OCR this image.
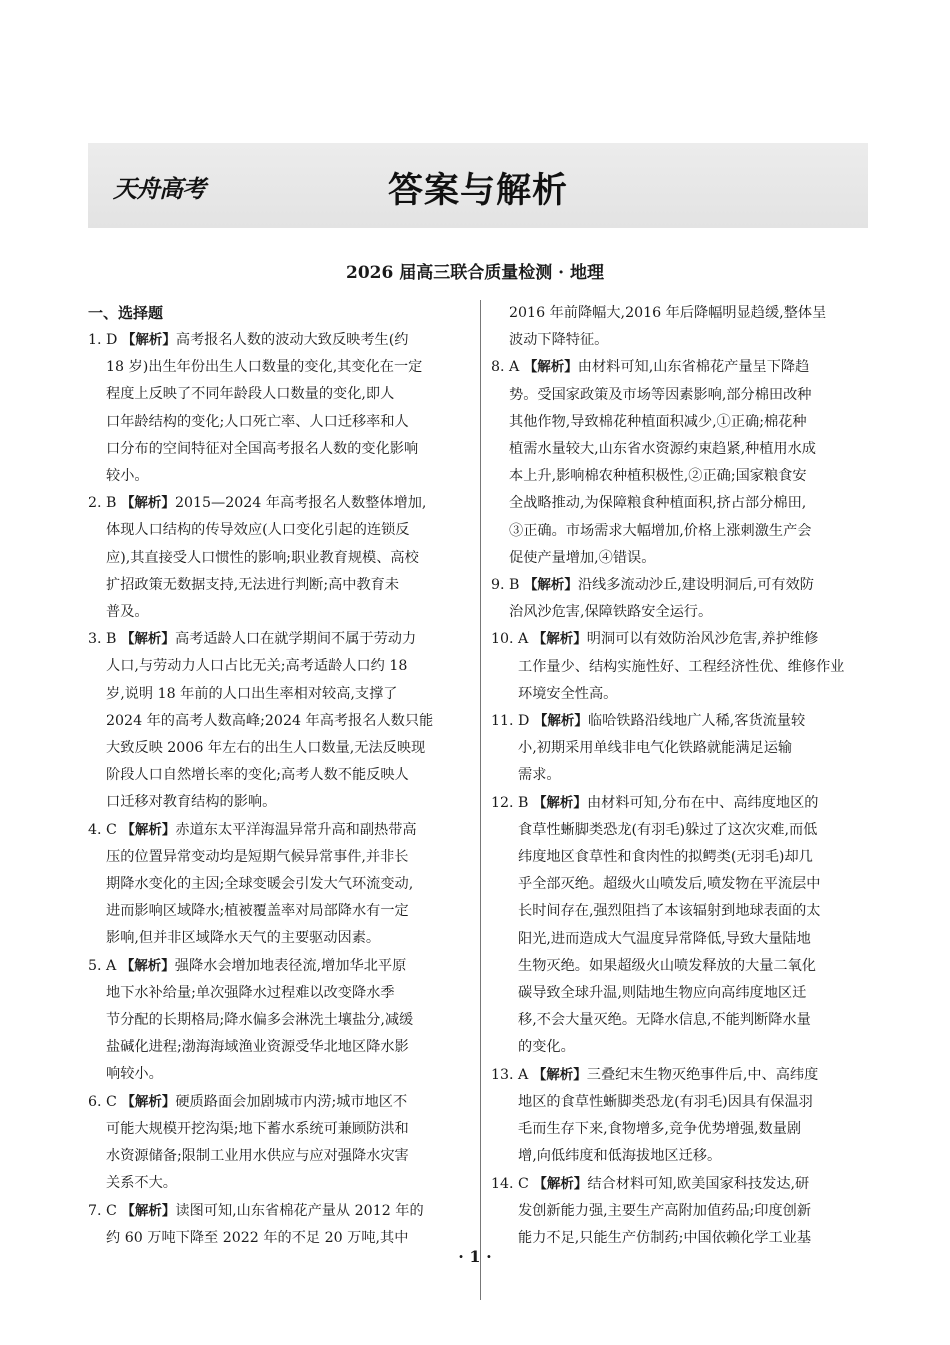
天舟高考	答案与解析
2026 届高三联合质量检测 · 地理
一、选择题
1. D 【解析】高考报名人数的波动大致反映考生(约
18 岁)出生年份出生人口数量的变化,其变化在一定
程度上反映了不同年龄段人口数量的变化,即人
口年龄结构的变化;人口死亡率、人口迁移率和人
口分布的空间特征对全国高考报名人数的变化影响
较小。
2. B 【解析】2015—2024 年高考报名人数整体增加,
体现人口结构的传导效应(人口变化引起的连锁反
应),其直接受人口惯性的影响;职业教育规模、高校
扩招政策无数据支持,无法进行判断;高中教育未
普及。
3. B 【解析】高考适龄人口在就学期间不属于劳动力
人口,与劳动力人口占比无关;高考适龄人口约 18
岁,说明 18 年前的人口出生率相对较高,支撑了
2024 年的高考人数高峰;2024 年高考报名人数只能
大致反映 2006 年左右的出生人口数量,无法反映现
阶段人口自然增长率的变化;高考人数不能反映人
口迁移对教育结构的影响。
4. C 【解析】赤道东太平洋海温异常升高和副热带高
压的位置异常变动均是短期气候异常事件,并非长
期降水变化的主因;全球变暖会引发大气环流变动,
进而影响区域降水;植被覆盖率对局部降水有一定
影响,但并非区域降水天气的主要驱动因素。
5. A 【解析】强降水会增加地表径流,增加华北平原
地下水补给量;单次强降水过程难以改变降水季
节分配的长期格局;降水偏多会淋洗土壤盐分,减缓
盐碱化进程;渤海海域渔业资源受华北地区降水影
响较小。
6. C 【解析】硬质路面会加剧城市内涝;城市地区不
可能大规模开挖沟渠;地下蓄水系统可兼顾防洪和
水资源储备;限制工业用水供应与应对强降水灾害
关系不大。
7. C 【解析】读图可知,山东省棉花产量从 2012 年的
约 60 万吨下降至 2022 年的不足 20 万吨,其中
2016 年前降幅大,2016 年后降幅明显趋缓,整体呈
波动下降特征。
8. A 【解析】由材料可知,山东省棉花产量呈下降趋
势。受国家政策及市场等因素影响,部分棉田改种
其他作物,导致棉花种植面积减少,①正确;棉花种
植需水量较大,山东省水资源约束趋紧,种植用水成
本上升,影响棉农种植积极性,②正确;国家粮食安
全战略推动,为保障粮食种植面积,挤占部分棉田,
③正确。市场需求大幅增加,价格上涨刺激生产会
促使产量增加,④错误。
9. B 【解析】沿线多流动沙丘,建设明洞后,可有效防
治风沙危害,保障铁路安全运行。
10. A 【解析】明洞可以有效防治风沙危害,养护维修
工作量少、结构实施性好、工程经济性优、维修作业
环境安全性高。
11. D 【解析】临哈铁路沿线地广人稀,客货流量较
小,初期采用单线非电气化铁路就能满足运输
需求。
12. B 【解析】由材料可知,分布在中、高纬度地区的
食草性蜥脚类恐龙(有羽毛)躲过了这次灾难,而低
纬度地区食草性和食肉性的拟鳄类(无羽毛)却几
乎全部灭绝。超级火山喷发后,喷发物在平流层中
长时间存在,强烈阻挡了本该辐射到地球表面的太
阳光,进而造成大气温度异常降低,导致大量陆地
生物灭绝。如果超级火山喷发释放的大量二氧化
碳导致全球升温,则陆地生物应向高纬度地区迁
移,不会大量灭绝。无降水信息,不能判断降水量
的变化。
13. A 【解析】三叠纪末生物灭绝事件后,中、高纬度
地区的食草性蜥脚类恐龙(有羽毛)因具有保温羽
毛而生存下来,食物增多,竞争优势增强,数量剧
增,向低纬度和低海拔地区迁移。
14. C 【解析】结合材料可知,欧美国家科技发达,研
发创新能力强,主要生产高附加值药品;印度创新
能力不足,只能生产仿制药;中国依赖化学工业基
· 1 ·
